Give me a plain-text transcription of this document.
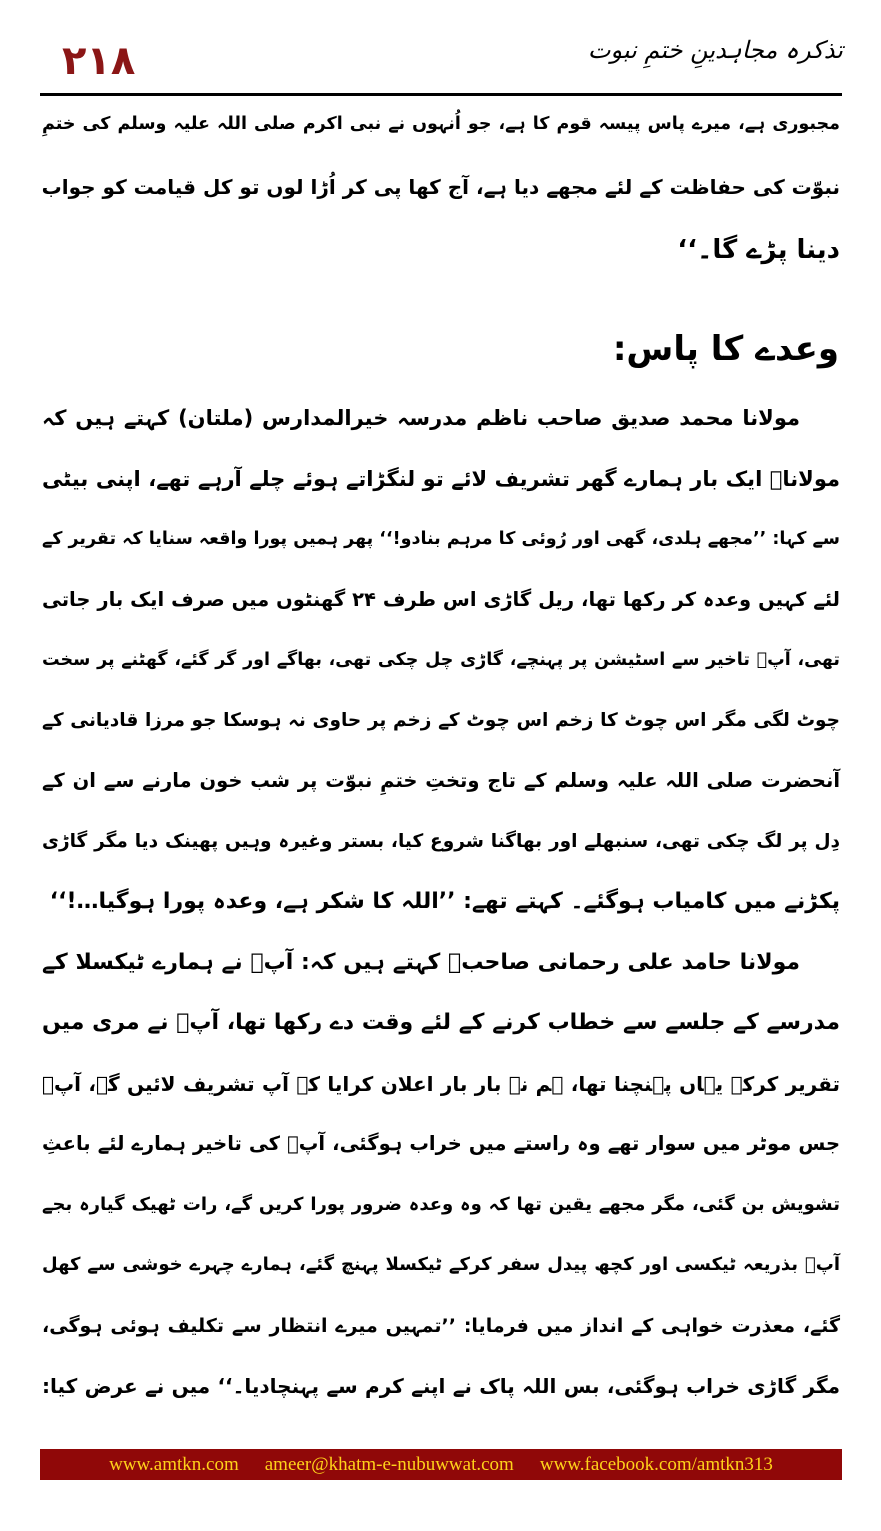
۲۱۸	تذکرہ مجاہدینِ ختمِ نبوت
مجبوری ہے، میرے پاس پیسہ قوم کا ہے، جو اُنہوں نے نبی اکرم صلی اللہ علیہ وسلم کی ختمِ
نبوّت کی حفاظت کے لئے مجھے دیا ہے، آج کھا پی کر اُڑا لوں تو کل قیامت کو جواب
دینا پڑے گا۔‘‘
وعدے کا پاس:
مولانا محمد صدیق صاحب ناظم مدرسہ خیرالمدارس (ملتان) کہتے ہیں کہ
مولاناؒ ایک بار ہمارے گھر تشریف لائے تو لنگڑاتے ہوئے چلے آرہے تھے، اپنی بیٹی
سے کہا: ’’مجھے ہلدی، گھی اور رُوئی کا مرہم بنادو!‘‘ پھر ہمیں پورا واقعہ سنایا کہ تقریر کے
لئے کہیں وعدہ کر رکھا تھا، ریل گاڑی اس طرف ۲۴ گھنٹوں میں صرف ایک بار جاتی
تھی، آپؒ تاخیر سے اسٹیشن پر پہنچے، گاڑی چل چکی تھی، بھاگے اور گر گئے، گھٹنے پر سخت
چوٹ لگی مگر اس چوٹ کا زخم اس چوٹ کے زخم پر حاوی نہ ہوسکا جو مرزا قادیانی کے
آنحضرت صلی اللہ علیہ وسلم کے تاج وتختِ ختمِ نبوّت پر شب خون مارنے سے ان کے
دِل پر لگ چکی تھی، سنبھلے اور بھاگنا شروع کیا، بستر وغیرہ وہیں پھینک دیا مگر گاڑی
پکڑنے میں کامیاب ہوگئے۔ کہتے تھے: ’’اللہ کا شکر ہے، وعدہ پورا ہوگیا…!‘‘
مولانا حامد علی رحمانی صاحبؒ کہتے ہیں کہ: آپؒ نے ہمارے ٹیکسلا کے
مدرسے کے جلسے سے خطاب کرنے کے لئے وقت دے رکھا تھا، آپؒ نے مری میں
تقریر کرکے یہاں پہنچنا تھا، ہم نے بار بار اعلان کرایا کہ آپ تشریف لائیں گے، آپؒ
جس موٹر میں سوار تھے وہ راستے میں خراب ہوگئی، آپؒ کی تاخیر ہمارے لئے باعثِ
تشویش بن گئی، مگر مجھے یقین تھا کہ وہ وعدہ ضرور پورا کریں گے، رات ٹھیک گیارہ بجے
آپؒ بذریعہ ٹیکسی اور کچھ پیدل سفر کرکے ٹیکسلا پہنچ گئے، ہمارے چہرے خوشی سے کھل
گئے، معذرت خواہی کے انداز میں فرمایا: ’’تمہیں میرے انتظار سے تکلیف ہوئی ہوگی،
مگر گاڑی خراب ہوگئی، بس اللہ پاک نے اپنے کرم سے پہنچادیا۔‘‘ میں نے عرض کیا:
www.amtkn.com ameer@khatm-e-nubuwwat.com www.facebook.com/amtkn313
